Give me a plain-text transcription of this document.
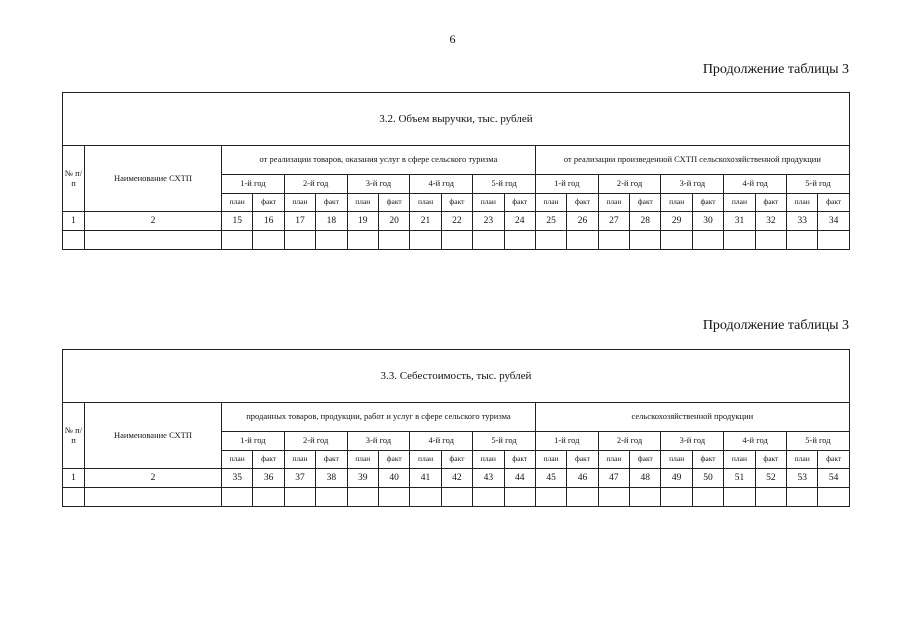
6
Продолжение таблицы 3
3.2. Объем выручки, тыс. рублей																					
№ п/п	Наименование СХТП	от реализации товаров, оказания услуг в сфере сельского туризма										от реализации произведенной СХТП сельскохозяйственной продукции									
		1-й год		2-й год		3-й год		4-й год		5-й год		1-й год		2-й год		3-й год		4-й год		5-й год	
		план	факт	план	факт	план	факт	план	факт	план	факт	план	факт	план	факт	план	факт	план	факт	план	факт
1	2	15	16	17	18	19	20	21	22	23	24	25	26	27	28	29	30	31	32	33	34

Продолжение таблицы 3
3.3. Себестоимость, тыс. рублей																					
№ п/п	Наименование СХТП	проданных товаров, продукции, работ и услуг в сфере сельского туризма										сельскохозяйственной продукции									
		1-й год		2-й год		3-й год		4-й год		5-й год		1-й год		2-й год		3-й год		4-й год		5-й год	
		план	факт	план	факт	план	факт	план	факт	план	факт	план	факт	план	факт	план	факт	план	факт	план	факт
1	2	35	36	37	38	39	40	41	42	43	44	45	46	47	48	49	50	51	52	53	54
